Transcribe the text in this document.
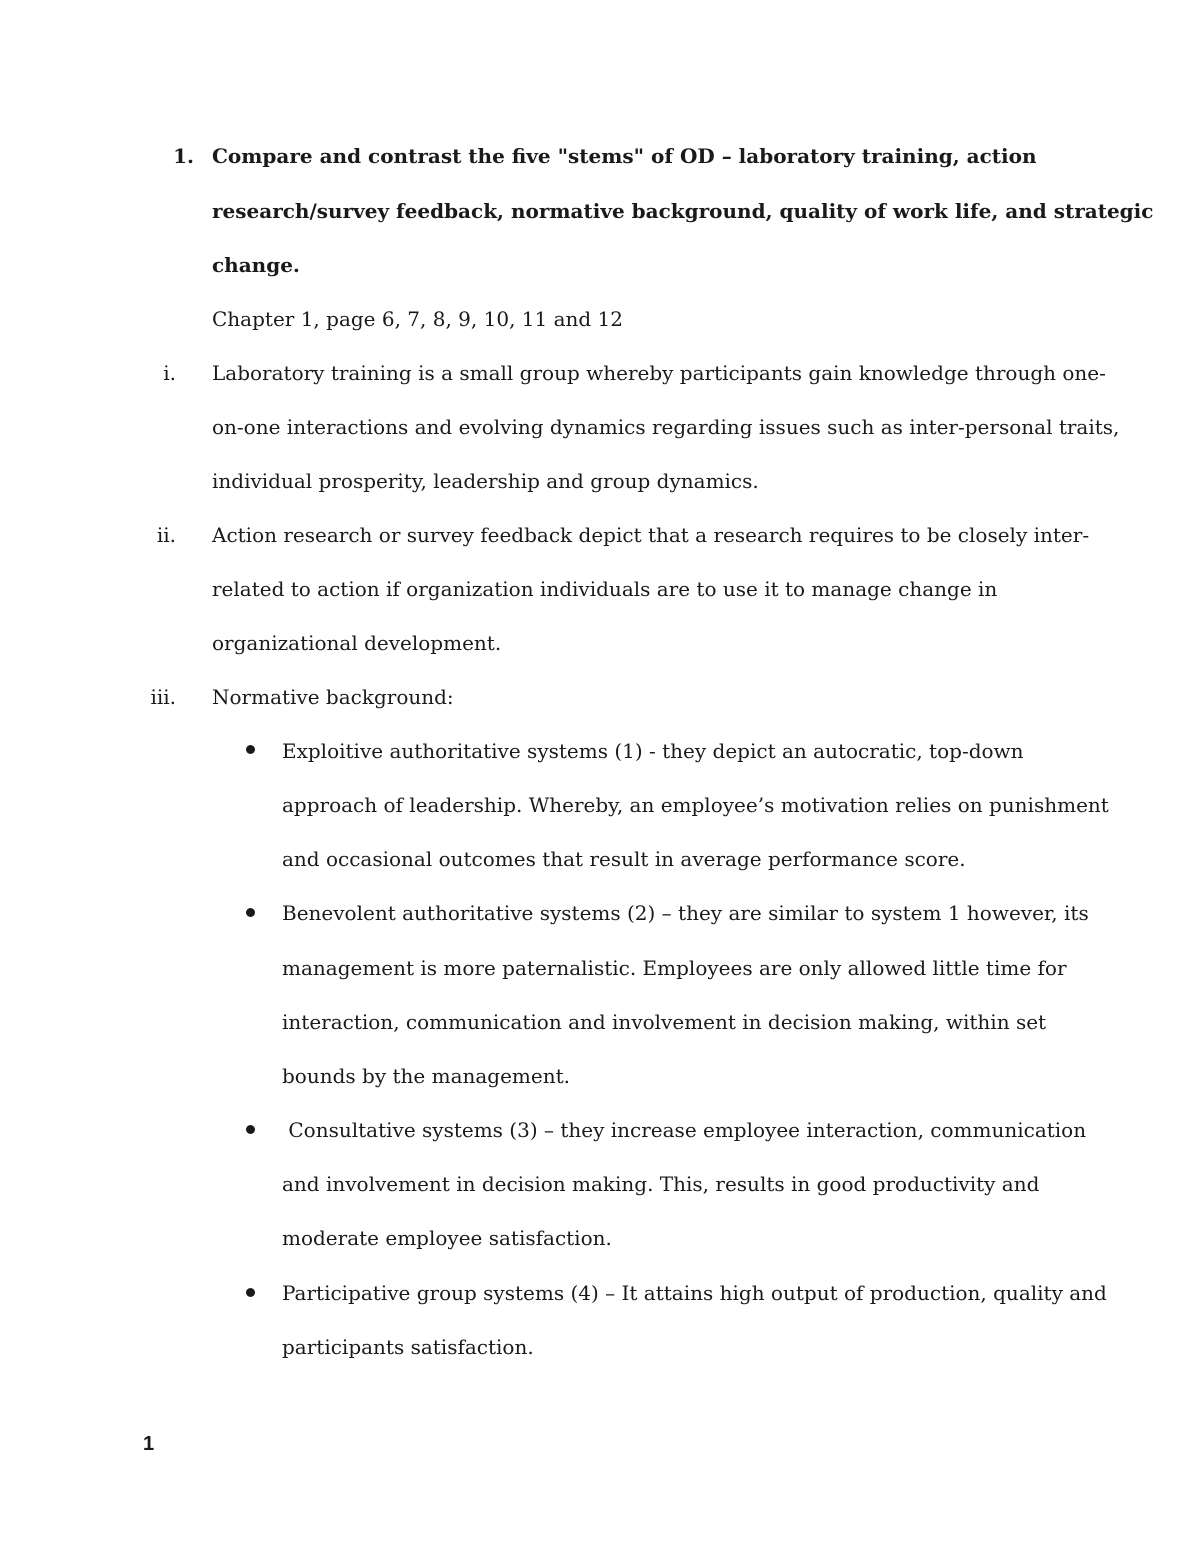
1. Compare and contrast the five "stems" of OD – laboratory training, action
research/survey feedback, normative background, quality of work life, and strategic
change.
Chapter 1, page 6, 7, 8, 9, 10, 11 and 12
i. Laboratory training is a small group whereby participants gain knowledge through one-
on-one interactions and evolving dynamics regarding issues such as inter-personal traits,
individual prosperity, leadership and group dynamics.
ii. Action research or survey feedback depict that a research requires to be closely inter-
related to action if organization individuals are to use it to manage change in
organizational development.
iii. Normative background:
Exploitive authoritative systems (1) - they depict an autocratic, top-down
approach of leadership. Whereby, an employee’s motivation relies on punishment
and occasional outcomes that result in average performance score.
Benevolent authoritative systems (2) – they are similar to system 1 however, its
management is more paternalistic. Employees are only allowed little time for
interaction, communication and involvement in decision making, within set
bounds by the management.
Consultative systems (3) – they increase employee interaction, communication
and involvement in decision making. This, results in good productivity and
moderate employee satisfaction.
Participative group systems (4) – It attains high output of production, quality and
participants satisfaction.
1
